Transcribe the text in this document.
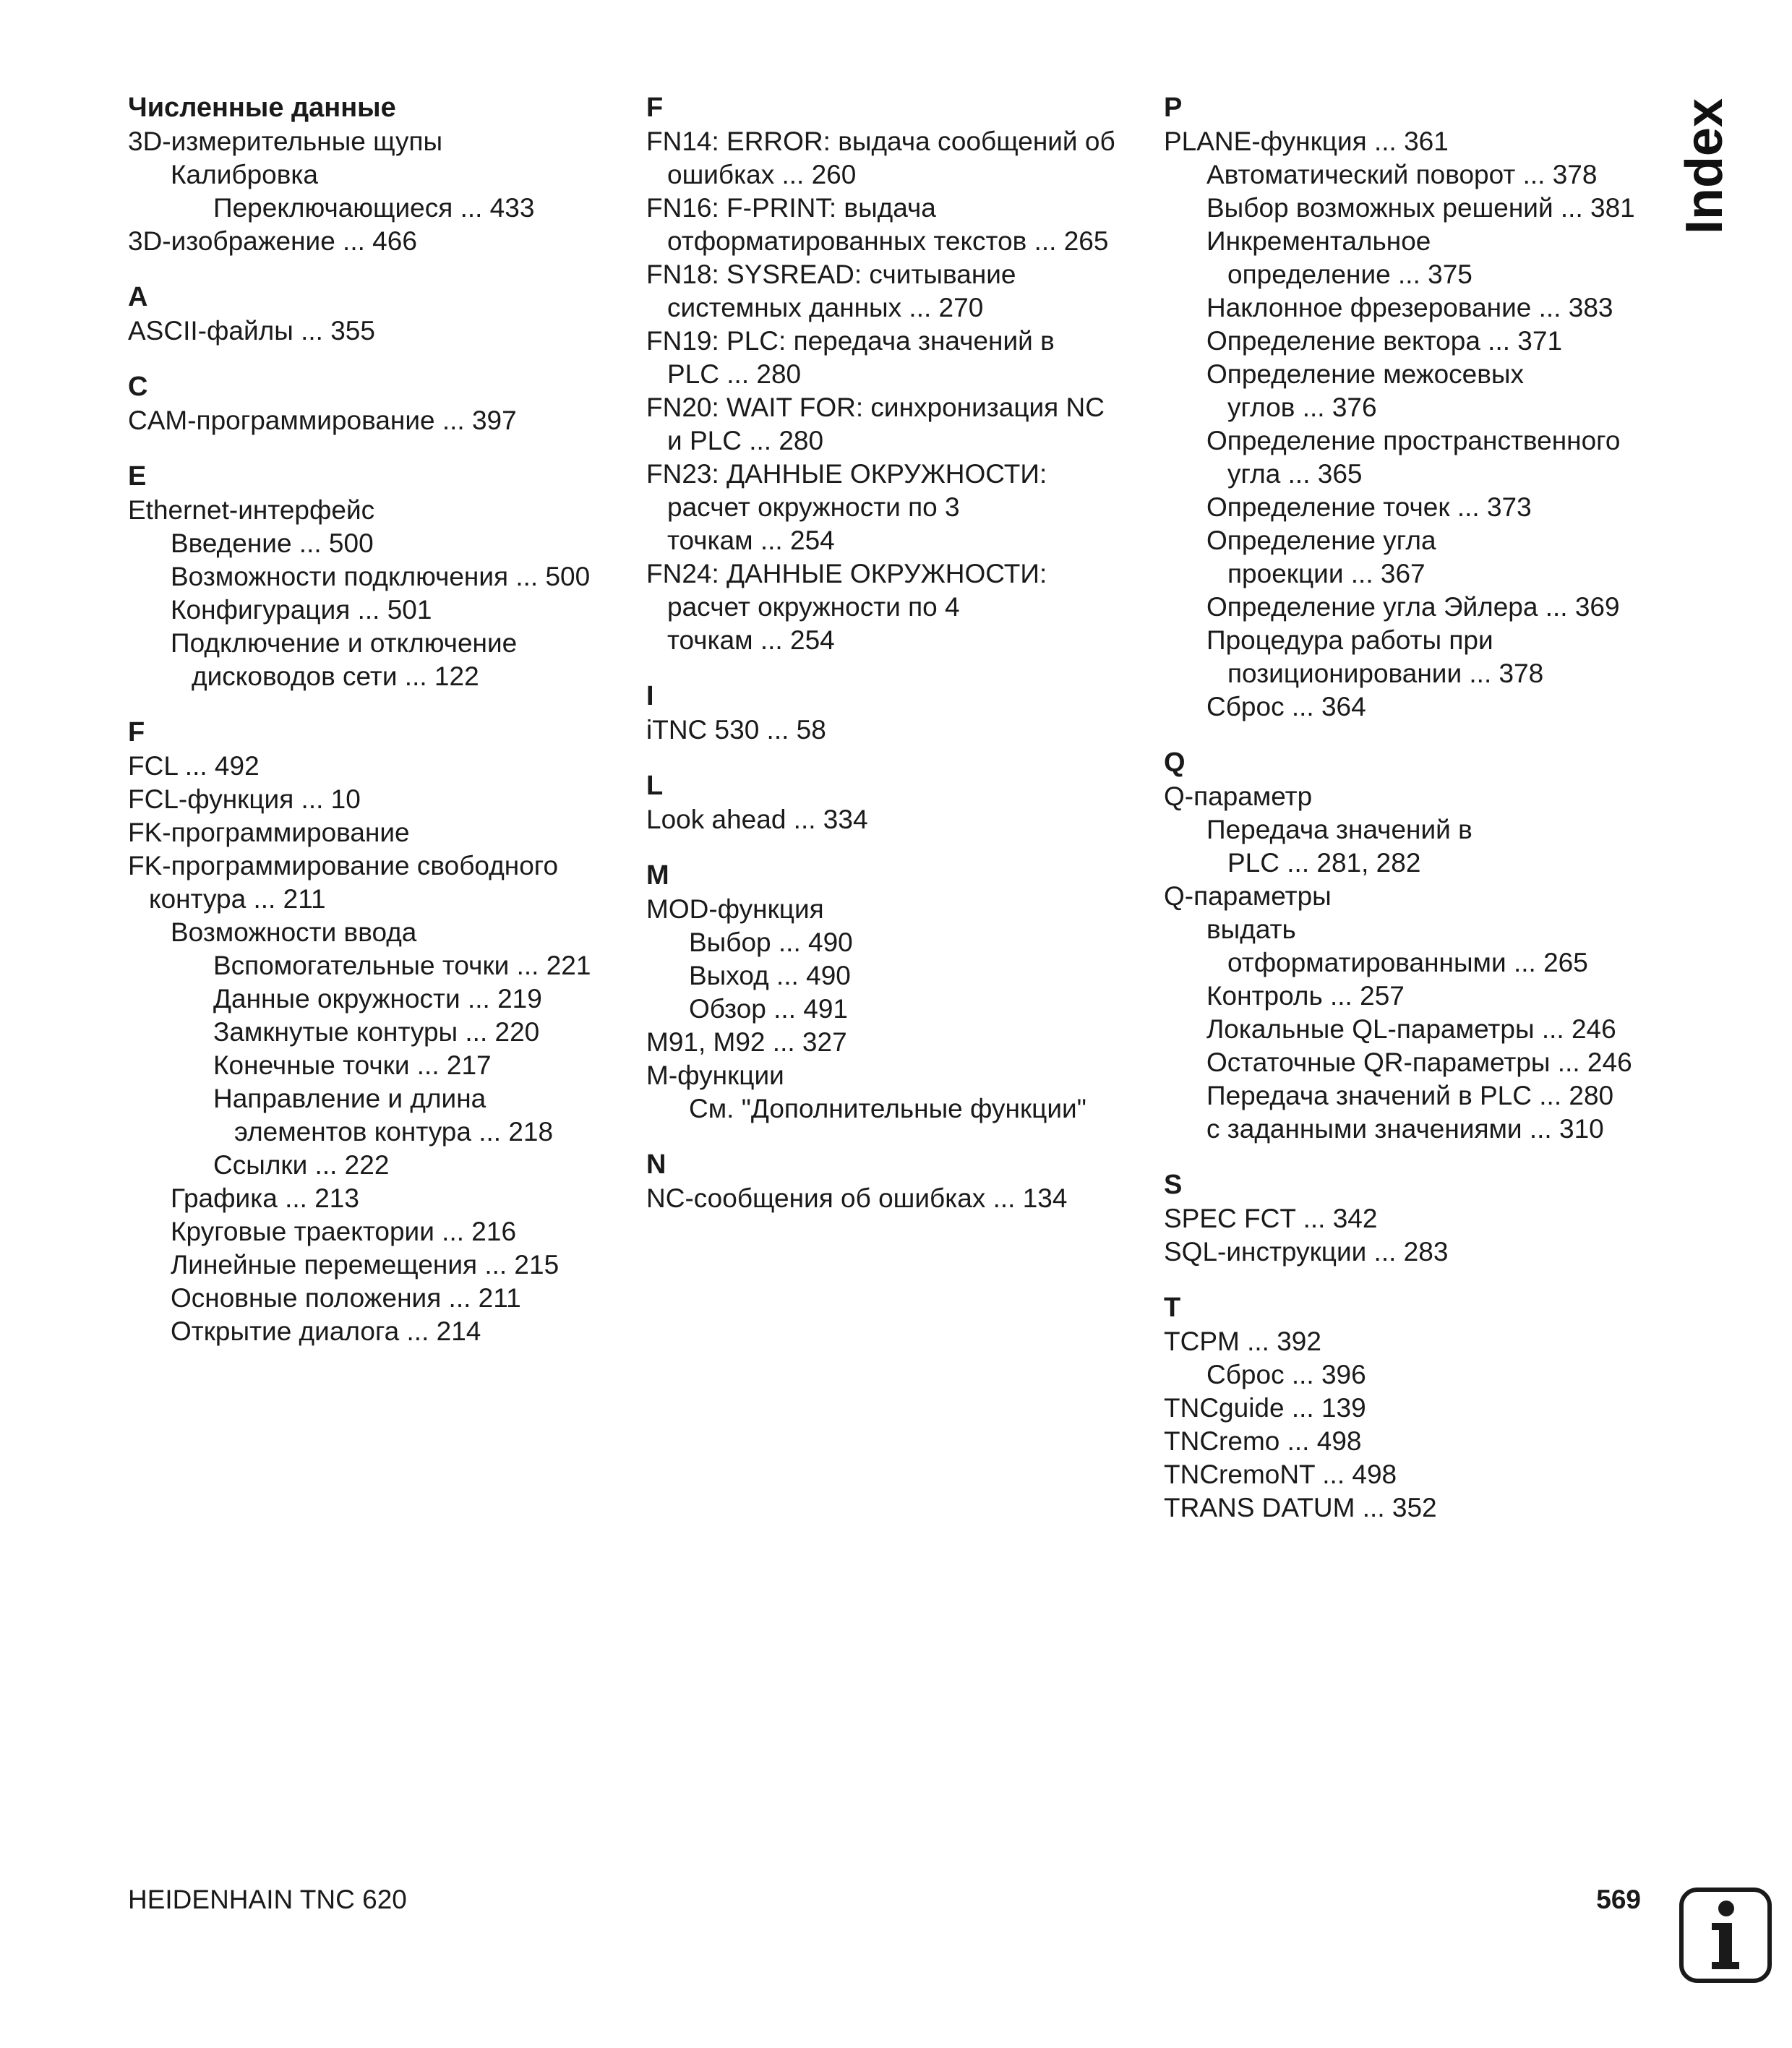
Численные данные
3D-измерительные щупы
Калибровка
Переключающиеся ... 433
3D-изображение ... 466
A
ASCII-файлы ... 355
C
CAM-программирование ... 397
E
Ethernet-интерфейс
Введение ... 500
Возможности подключения ... 500
Конфигурация ... 501
Подключение и отключение
дисководов сети ... 122
F
FCL ... 492
FCL-функция ... 10
FK-программирование
FK-программирование свободного
контура ... 211
Возможности ввода
Вспомогательные точки ... 221
Данные окружности ... 219
Замкнутые контуры ... 220
Конечные точки ... 217
Направление и длина
элементов контура ... 218
Ссылки ... 222
Графика ... 213
Круговые траектории ... 216
Линейные перемещения ... 215
Основные положения ... 211
Открытие диалога ... 214
F
FN14: ERROR: выдача сообщений об
ошибках ... 260
FN16: F-PRINT: выдача
отформатированных текстов ... 265
FN18: SYSREAD: считывание
системных данных ... 270
FN19: PLC: передача значений в
PLC ... 280
FN20: WAIT FOR: синхронизация NC
и PLC ... 280
FN23: ДАННЫЕ ОКРУЖНОСТИ:
расчет окружности по 3
точкам ... 254
FN24: ДАННЫЕ ОКРУЖНОСТИ:
расчет окружности по 4
точкам ... 254
I
iTNC 530 ... 58
L
Look ahead ... 334
M
MOD-функция
Выбор ... 490
Выход ... 490
Обзор ... 491
M91, M92 ... 327
M-функции
См. "Дополнительные функции"
N
NC-сообщения об ошибках ... 134
P
PLANE-функция ... 361
Автоматический поворот ... 378
Выбор возможных решений ... 381
Инкрементальное
определение ... 375
Наклонное фрезерование ... 383
Определение вектора ... 371
Определение межосевых
углов ... 376
Определение пространственного
угла ... 365
Определение точек ... 373
Определение угла
проекции ... 367
Определение угла Эйлера ... 369
Процедура работы при
позиционировании ... 378
Сброс ... 364
Q
Q-параметр
Передача значений в
PLC ... 281, 282
Q-параметры
выдать
отформатированными ... 265
Контроль ... 257
Локальные QL-параметры ... 246
Остаточные QR-параметры ... 246
Передача значений в PLC ... 280
с заданными значениями ... 310
S
SPEC FCT ... 342
SQL-инструкции ... 283
T
TCPM ... 392
Сброс ... 396
TNCguide ... 139
TNCremo ... 498
TNCremoNT ... 498
TRANS DATUM ... 352
Index
HEIDENHAIN TNC 620	569
